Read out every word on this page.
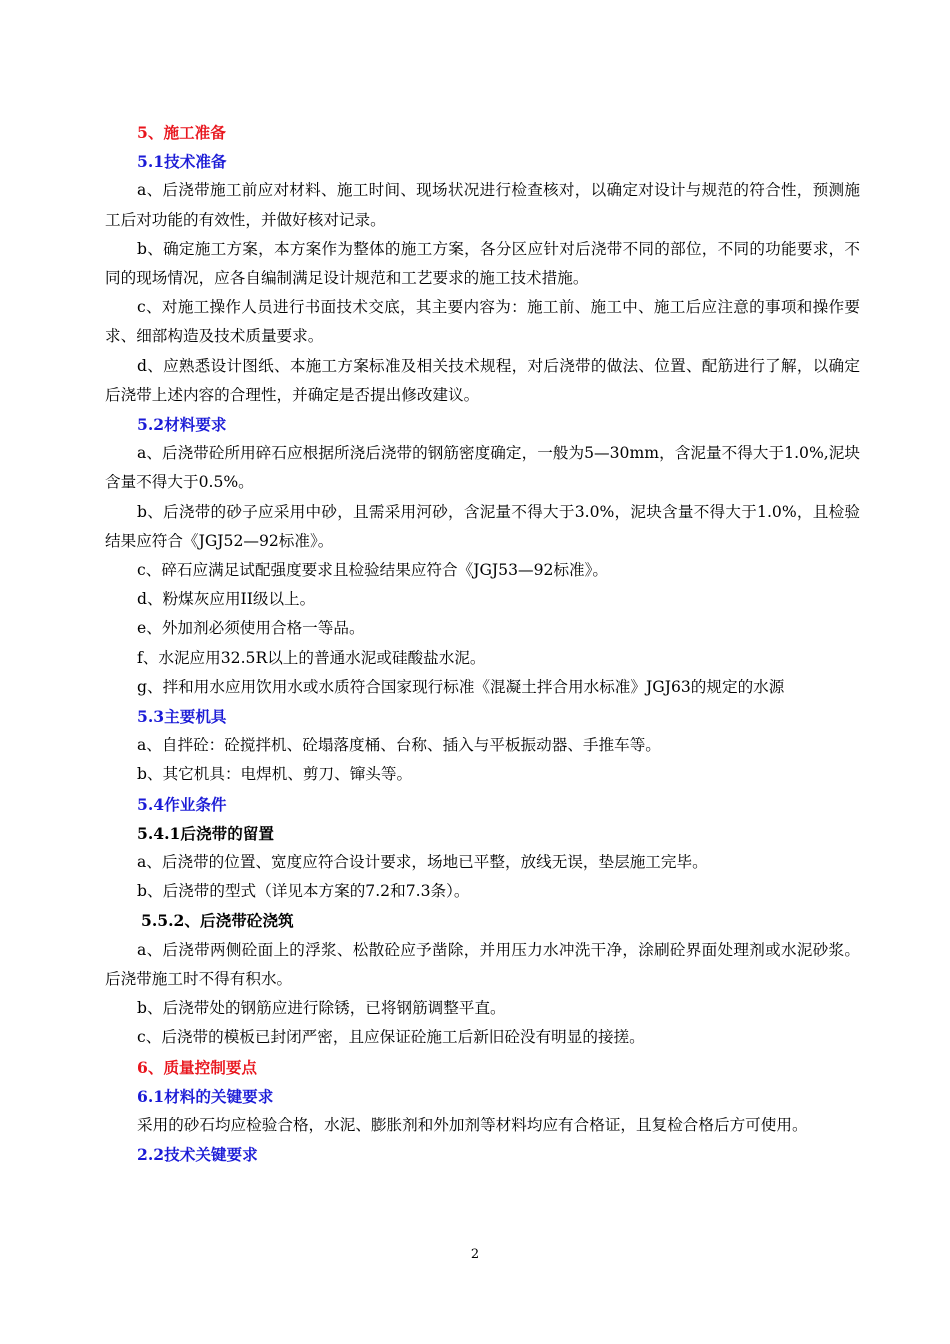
5、施工准备
5.1技术准备
a、后浇带施工前应对材料、施工时间、现场状况进行检查核对，以确定对设计与规范的符合性，预测施工后对功能的有效性，并做好核对记录。
b、确定施工方案，本方案作为整体的施工方案，各分区应针对后浇带不同的部位，不同的功能要求，不同的现场情况，应各自编制满足设计规范和工艺要求的施工技术措施。
c、对施工操作人员进行书面技术交底，其主要内容为：施工前、施工中、施工后应注意的事项和操作要求、细部构造及技术质量要求。
d、应熟悉设计图纸、本施工方案标准及相关技术规程，对后浇带的做法、位置、配筋进行了解，以确定后浇带上述内容的合理性，并确定是否提出修改建议。
5.2材料要求
a、后浇带砼所用碎石应根据所浇后浇带的钢筋密度确定，一般为5—30mm，含泥量不得大于1.0%,泥块含量不得大于0.5%。
b、后浇带的砂子应采用中砂，且需采用河砂，含泥量不得大于3.0%，泥块含量不得大于1.0%，且检验结果应符合《JGJ52—92标准》。
c、碎石应满足试配强度要求且检验结果应符合《JGJ53—92标准》。
d、粉煤灰应用II级以上。
e、外加剂必须使用合格一等品。
f、水泥应用32.5R以上的普通水泥或硅酸盐水泥。
g、拌和用水应用饮用水或水质符合国家现行标准《混凝土拌合用水标准》JGJ63的规定的水源
5.3主要机具
a、自拌砼：砼搅拌机、砼塌落度桶、台称、插入与平板振动器、手推车等。
b、其它机具：电焊机、剪刀、镩头等。
5.4作业条件
5.4.1后浇带的留置
a、后浇带的位置、宽度应符合设计要求，场地已平整，放线无误，垫层施工完毕。
b、后浇带的型式（详见本方案的7.2和7.3条）。
5.5.2、后浇带砼浇筑
a、后浇带两侧砼面上的浮浆、松散砼应予凿除，并用压力水冲洗干净，涂刷砼界面处理剂或水泥砂浆。后浇带施工时不得有积水。
b、后浇带处的钢筋应进行除锈，已将钢筋调整平直。
c、后浇带的模板已封闭严密，且应保证砼施工后新旧砼没有明显的接搓。
6、质量控制要点
6.1材料的关键要求
采用的砂石均应检验合格，水泥、膨胀剂和外加剂等材料均应有合格证，且复检合格后方可使用。
2.2技术关键要求
2
